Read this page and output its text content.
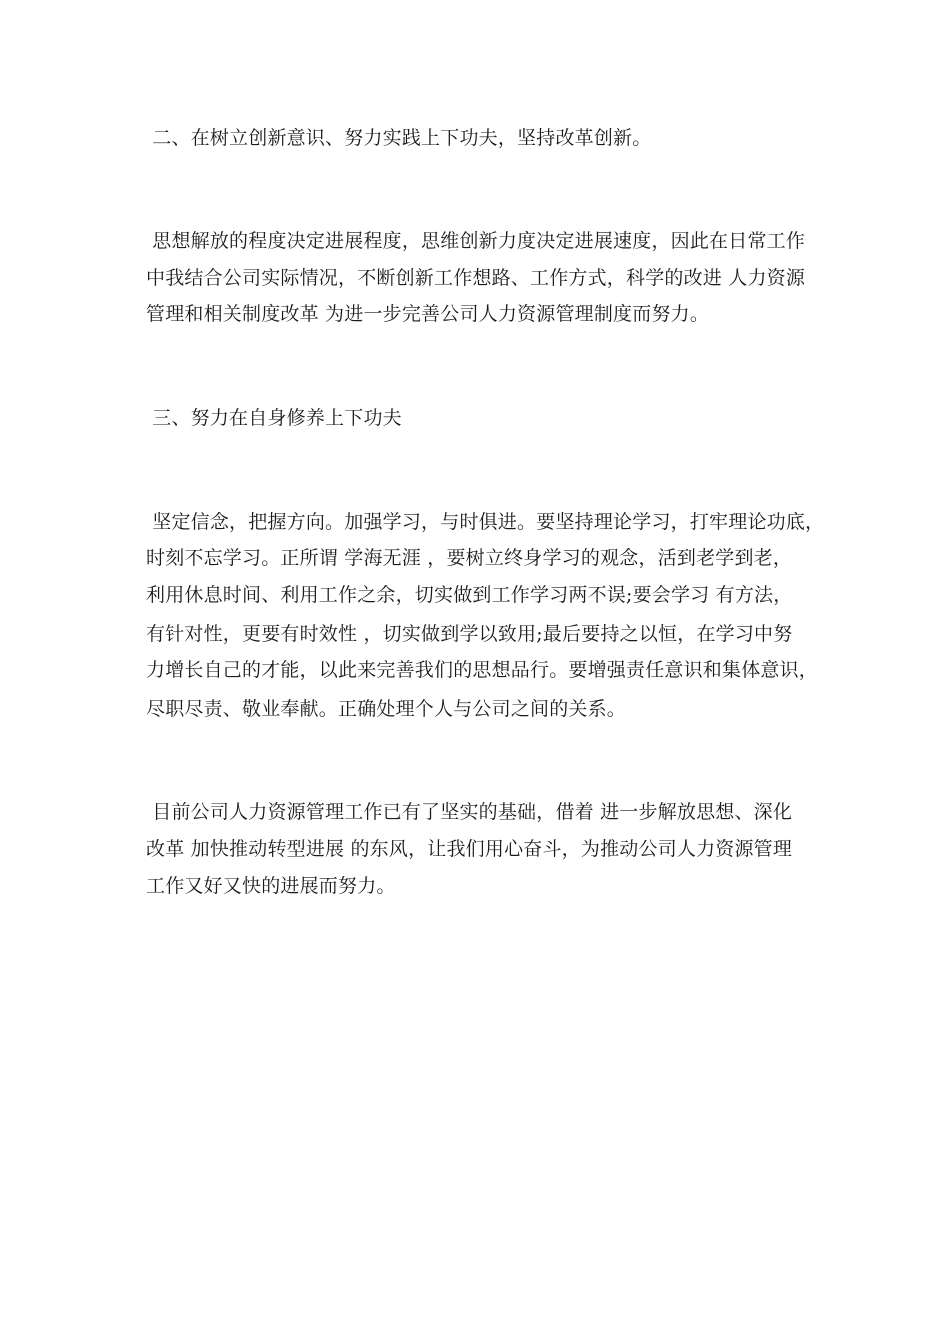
二、在树立创新意识、努力实践上下功夫，坚持改革创新。
思想解放的程度决定进展程度，思维创新力度决定进展速度，因此在日常工作
中我结合公司实际情况，不断创新工作想路、工作方式，科学的改进 人力资源
管理和相关制度改革 为进一步完善公司人力资源管理制度而努力。
三、努力在自身修养上下功夫
坚定信念，把握方向。加强学习，与时俱进。要坚持理论学习，打牢理论功底，
时刻不忘学习。正所谓 学海无涯 ，要树立终身学习的观念，活到老学到老，
利用休息时间、利用工作之余，切实做到工作学习两不误;要会学习 有方法，
有针对性，更要有时效性 ，切实做到学以致用;最后要持之以恒，在学习中努
力增长自己的才能，以此来完善我们的思想品行。要增强责任意识和集体意识，
尽职尽责、敬业奉献。正确处理个人与公司之间的关系。
目前公司人力资源管理工作已有了坚实的基础，借着 进一步解放思想、深化
改革 加快推动转型进展 的东风，让我们用心奋斗，为推动公司人力资源管理
工作又好又快的进展而努力。
